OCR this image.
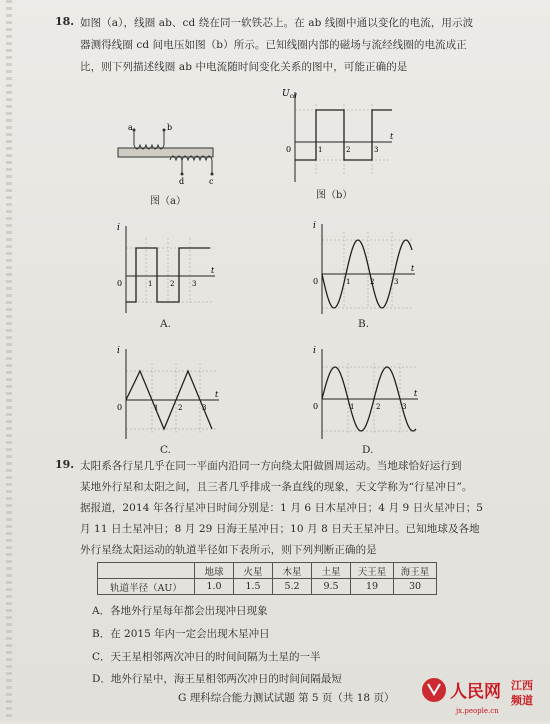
18. 如图（a），线圈 ab、cd 绕在同一软铁芯上。在 ab 线圈中通以变化的电流，用示波
器测得线圈 cd 间电压如图（b）所示。已知线圈内部的磁场与流经线圈的电流成正
比，则下列描述线圈 ab 中电流随时间变化关系的图中，可能正确的是
a	b
d	c
图（a）
$U_{cd}$
0
t
1	2	3
图（b）
i
0
t
1	2	3
A.
i
0
t
1	2	3
B.
i
0
t
1	2	3
C.
i
0
t
1	2	3
D.
19. 太阳系各行星几乎在同一平面内沿同一方向绕太阳做圆周运动。当地球恰好运行到
某地外行星和太阳之间，且三者几乎排成一条直线的现象，天文学称为“行星冲日”。
据报道，2014 年各行星冲日时间分别是：1 月 6 日木星冲日；4 月 9 日火星冲日；5
月 11 日土星冲日；8 月 29 日海王星冲日；10 月 8 日天王星冲日。已知地球及各地
外行星绕太阳运动的轨道半径如下表所示，则下列判断正确的是
	地球	火星	木星	土星	天王星	海王星
轨道半径（AU）	1.0	1.5	5.2	9.5	19	30
A．各地外行星每年都会出现冲日现象
B．在 2015 年内一定会出现木星冲日
C．天王星相邻两次冲日的时间间隔为土星的一半
D．地外行星中，海王星相邻两次冲日的时间间隔最短
G 理科综合能力测试试题 第 5 页（共 18 页）	人民网 江西
频道
jx.people.cn
